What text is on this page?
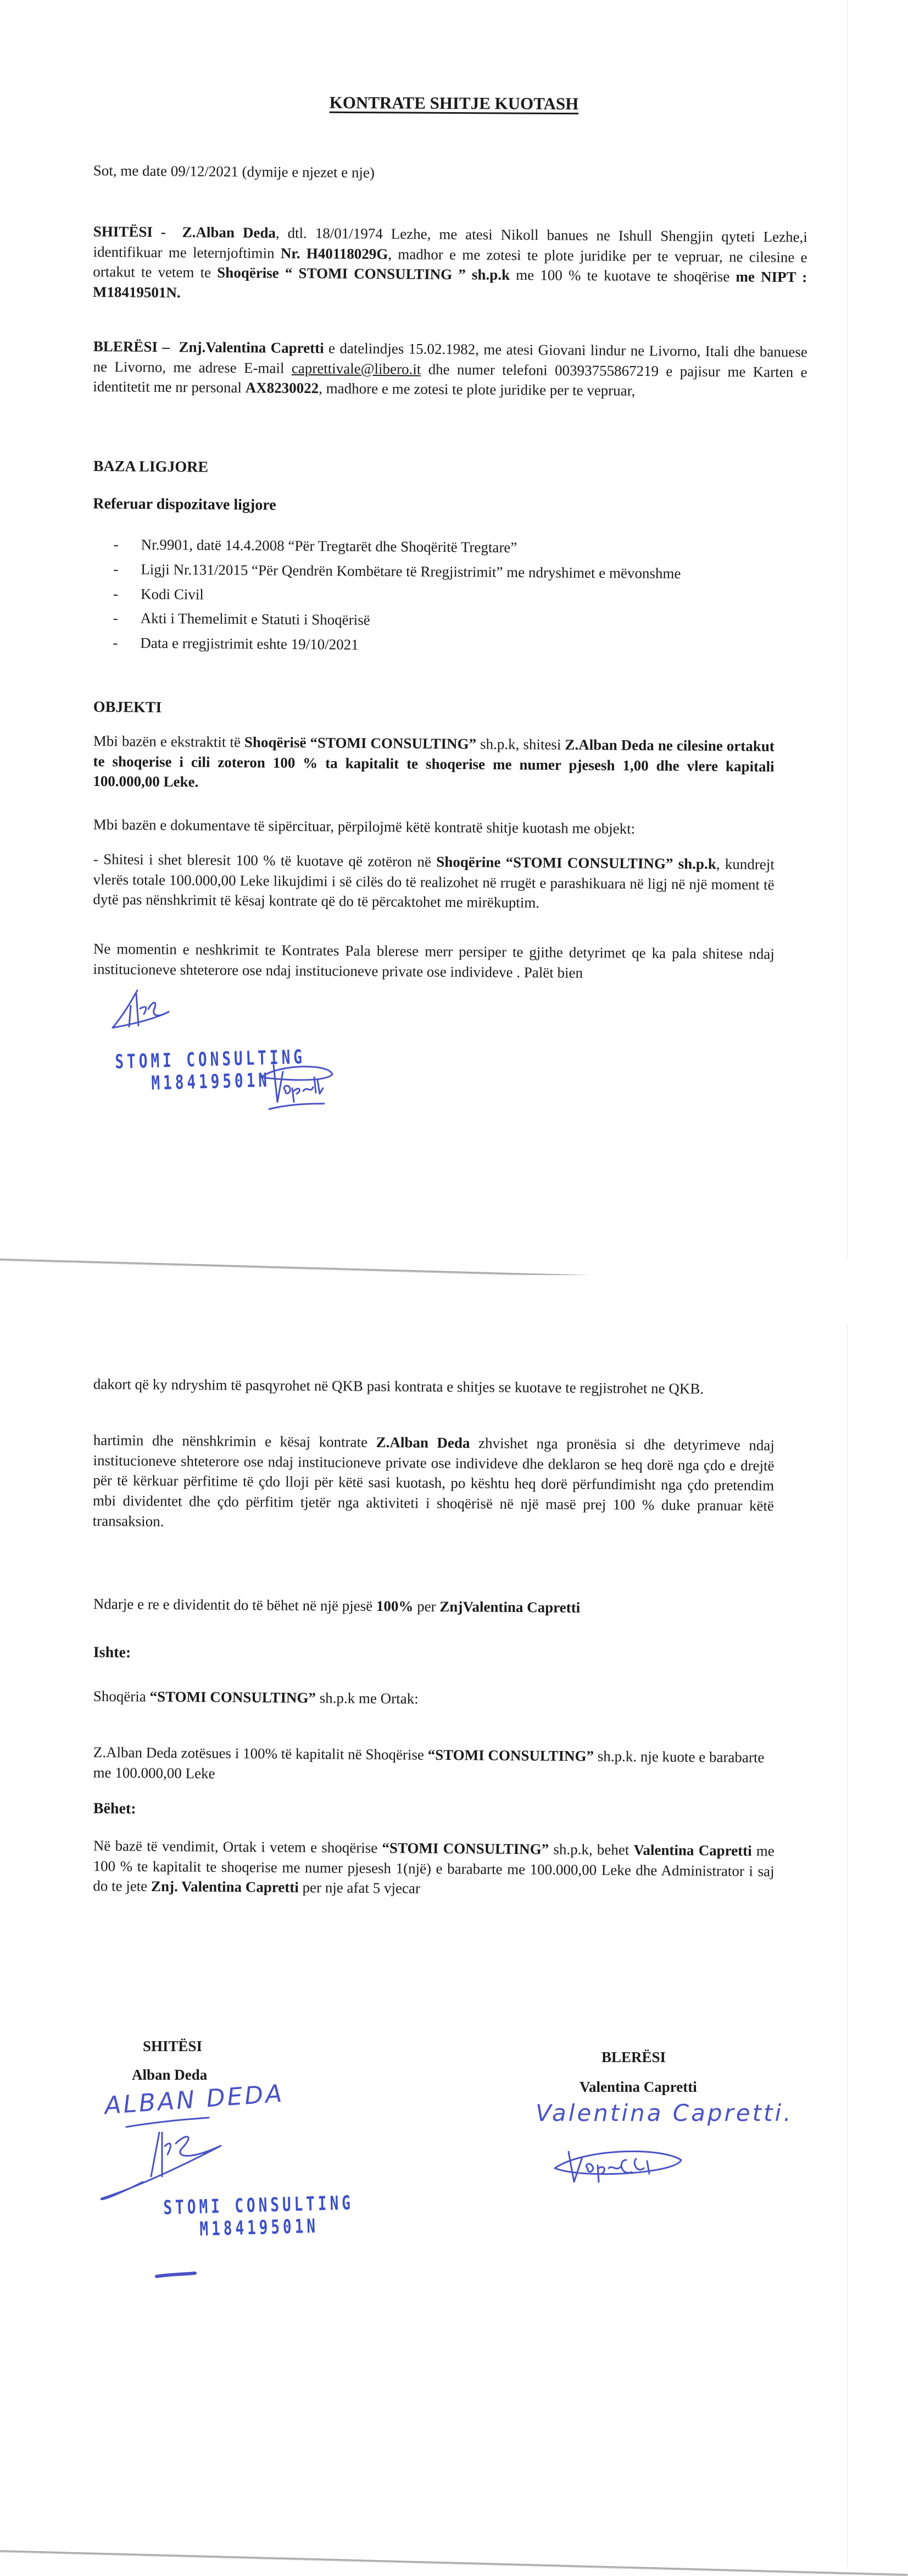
KONTRATE SHITJE KUOTASH
Sot, me date 09/12/2021 (dymije e njezet e nje)
SHITËSI - Z.Alban Deda, dtl. 18/01/1974 Lezhe, me atesi Nikoll banues ne Ishull Shengjin qyteti Lezhe,i identifikuar me leternjoftimin Nr. H40118029G, madhor e me zotesi te plote juridike per te vepruar, ne cilesine e ortakut te vetem te Shoqërise “ STOMI CONSULTING ” sh.p.k me 100 % te kuotave te shoqërise me NIPT : M18419501N.
BLERËSI – Znj.Valentina Capretti e datelindjes 15.02.1982, me atesi Giovani lindur ne Livorno, Itali dhe banuese ne Livorno, me adrese E-mail caprettivale@libero.it dhe numer telefoni 00393755867219 e pajisur me Karten e identitetit me nr personal AX8230022, madhore e me zotesi te plote juridike per te vepruar,
BAZA LIGJORE
Referuar dispozitave ligjore
- Nr.9901, datë 14.4.2008 “Për Tregtarët dhe Shoqëritë Tregtare”
- Ligji Nr.131/2015 “Për Qendrën Kombëtare të Rregjistrimit” me ndryshimet e mëvonshme
- Kodi Civil
- Akti i Themelimit e Statuti i Shoqërisë
- Data e rregjistrimit eshte 19/10/2021
OBJEKTI
Mbi bazën e ekstraktit të Shoqërisë “STOMI CONSULTING” sh.p.k, shitesi Z.Alban Deda ne cilesine ortakut te shoqerise i cili zoteron 100 % ta kapitalit te shoqerise me numer pjesesh 1,00 dhe vlere kapitali 100.000,00 Leke.
Mbi bazën e dokumentave të sipërcituar, përpilojmë këtë kontratë shitje kuotash me objekt:
- Shitesi i shet bleresit 100 % të kuotave që zotëron në Shoqërine “STOMI CONSULTING” sh.p.k, kundrejt vlerës totale 100.000,00 Leke likujdimi i së cilës do të realizohet në rrugët e parashikuara në ligj në një moment të dytë pas nënshkrimit të kësaj kontrate që do të përcaktohet me mirëkuptim.
Ne momentin e neshkrimit te Kontrates Pala blerese merr persiper te gjithe detyrimet qe ka pala shitese ndaj institucioneve shteterore ose ndaj institucioneve private ose individeve . Palët bien
STOMI CONSULTING
M18419501N
dakort që ky ndryshim të pasqyrohet në QKB pasi kontrata e shitjes se kuotave te regjistrohet ne QKB.
hartimin dhe nënshkrimin e kësaj kontrate Z.Alban Deda zhvishet nga pronësia si dhe detyrimeve ndaj institucioneve shteterore ose ndaj institucioneve private ose individeve dhe deklaron se heq dorë nga çdo e drejtë për të kërkuar përfitime të çdo lloji për këtë sasi kuotash, po kështu heq dorë përfundimisht nga çdo pretendim mbi dividentet dhe çdo përfitim tjetër nga aktiviteti i shoqërisë në një masë prej 100 % duke pranuar këtë transaksion.
Ndarje e re e dividentit do të bëhet në një pjesë 100% per ZnjValentina Capretti
Ishte:
Shoqëria “STOMI CONSULTING” sh.p.k me Ortak:
Z.Alban Deda zotësues i 100% të kapitalit në Shoqërise “STOMI CONSULTING” sh.p.k. nje kuote e barabarte me 100.000,00 Leke
Bëhet:
Në bazë të vendimit, Ortak i vetem e shoqërise “STOMI CONSULTING” sh.p.k, behet Valentina Capretti me 100 % te kapitalit te shoqerise me numer pjesesh 1(një) e barabarte me 100.000,00 Leke dhe Administrator i saj do te jete Znj. Valentina Capretti per nje afat 5 vjecar
SHITËSI
Alban Deda
ALBAN DEDA
STOMI CONSULTING
M18419501N
BLERËSI
Valentina Capretti
Valentina Capretti.
